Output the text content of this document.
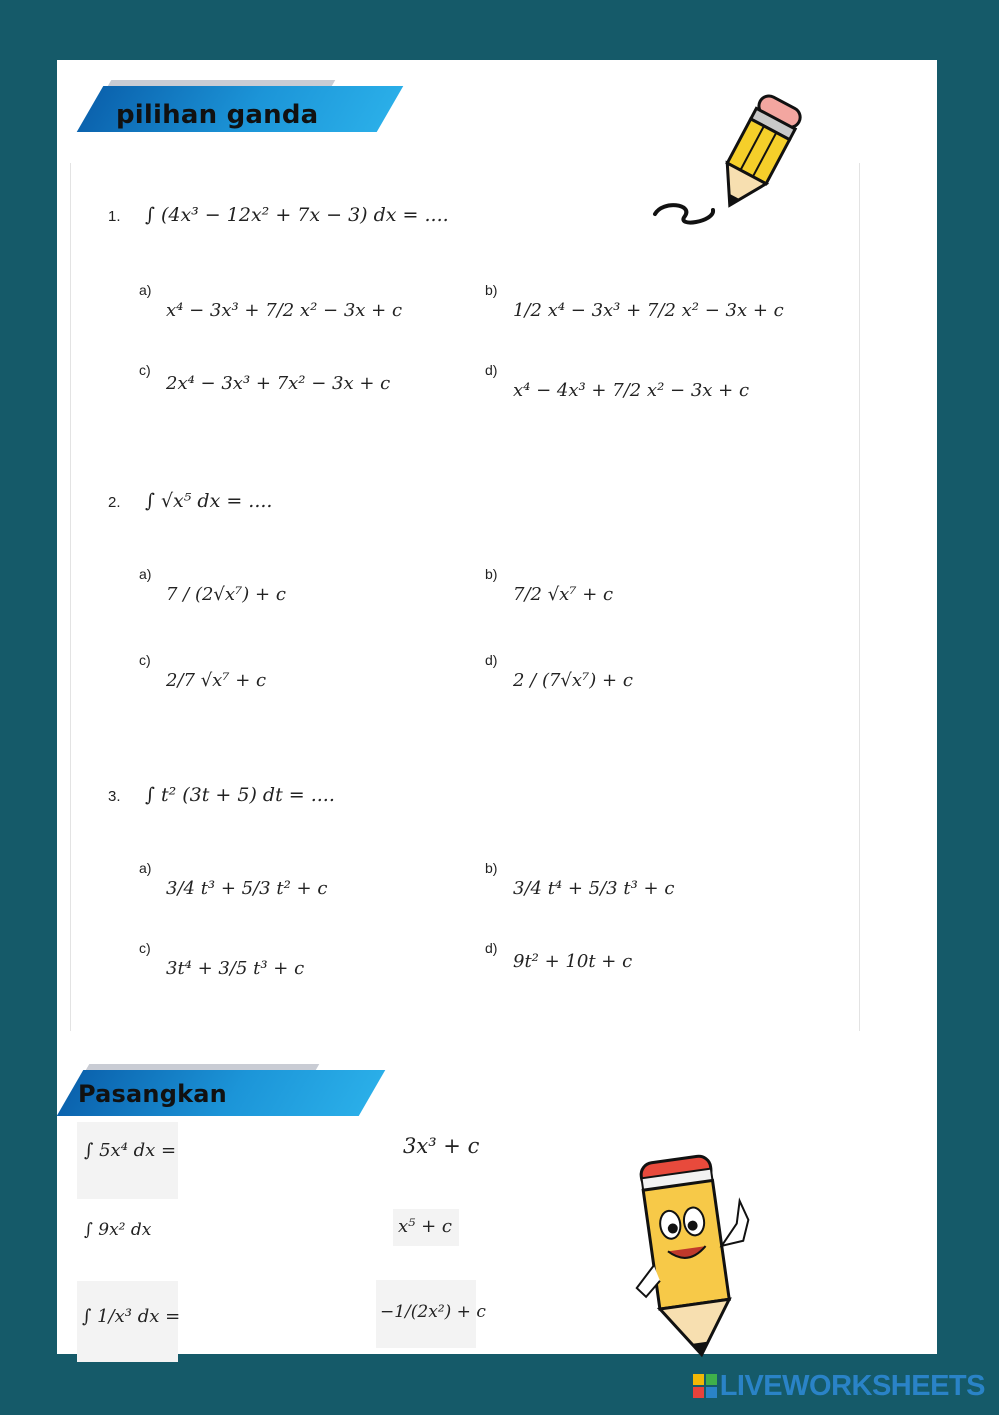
pilihan ganda
1. ∫ (4x³ − 12x² + 7x − 3) dx = ....
a)
x⁴ − 3x³ + 7/2 x² − 3x + c
b)
1/2 x⁴ − 3x³ + 7/2 x² − 3x + c
c)
2x⁴ − 3x³ + 7x² − 3x + c
d)
x⁴ − 4x³ + 7/2 x² − 3x + c
2. ∫ √x⁵ dx = ....
a)
7 / (2√x⁷) + c
b)
7/2 √x⁷ + c
c)
2/7 √x⁷ + c
d)
2 / (7√x⁷) + c
3. ∫ t² (3t + 5) dt = ....
a)
3/4 t³ + 5/3 t² + c
b)
3/4 t⁴ + 5/3 t³ + c
c)
3t⁴ + 3/5 t³ + c
d)
9t² + 10t + c
Pasangkan
∫ 5x⁴ dx =
∫ 9x² dx
∫ 1/x³ dx =
3x³ + c
x⁵ + c
−1/(2x²) + c
LIVEWORKSHEETS
